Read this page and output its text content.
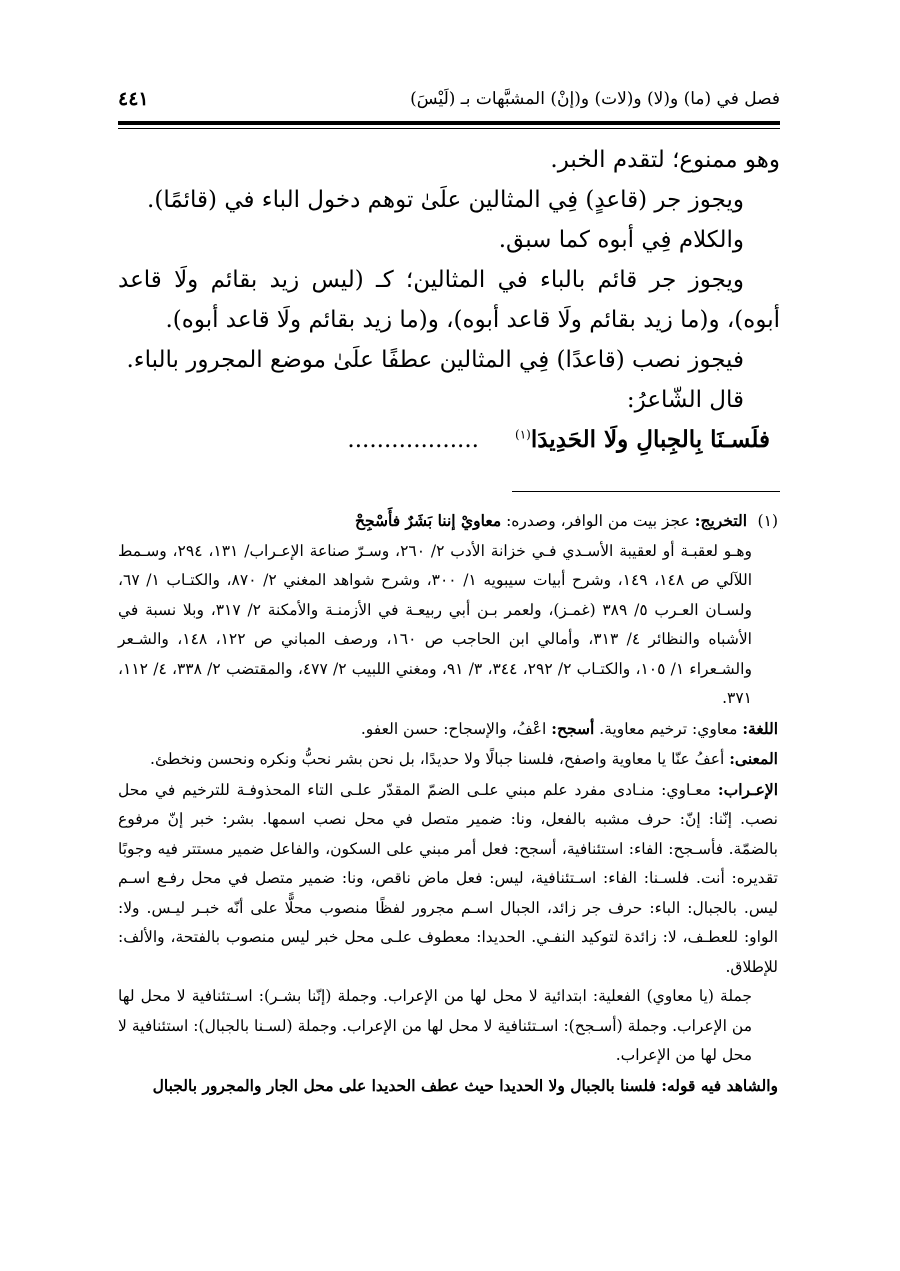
فصل في (ما) و(لا) و(لات) و(إنْ) المشبَّهات بـ (لَيْسَ)
٤٤١

وهو ممنوع؛ لتقدم الخبر.

ويجوز جر (قاعدٍ) فِي المثالين علَىٰ توهم دخول الباء في (قائمًا).

والكلام فِي أبوه كما سبق.

ويجوز جر قائم بالباء في المثالين؛ كـ (ليس زيد بقائم ولَا قاعد أبوه)، و(ما زيد بقائم ولَا قاعد أبوه)، و(ما زيد بقائم ولَا قاعد أبوه).

فيجوز نصب (قاعدًا) فِي المثالين عطفًا علَىٰ موضع المجرور بالباء.

قال الشّاعرُ:

فلَسـنَا بِالجِبالِ ولَا الحَدِيدَا$^{(١)}$..................

(١) التخريج: عجز بيت من الوافر، وصدره: معاويْ إننا بَشَرٌ فأَسْجِحْ

وهـو لعقبـة أو لعقيبة الأسـدي فـي خزانة الأدب ٢/ ٢٦٠، وسـرّ صناعة الإعـراب/ ١٣١، ٢٩٤، وسـمط اللآلي ص ١٤٨، ١٤٩، وشرح أبيات سيبويه ١/ ٣٠٠، وشرح شواهد المغني ٢/ ٨٧٠، والكتـاب ١/ ٦٧، ولسـان العـرب ٥/ ٣٨٩ (غمـز)، ولعمر بـن أبي ربيعـة في الأزمنـة والأمكنة ٢/ ٣١٧، وبلا نسبة في الأشباه والنظائر ٤/ ٣١٣، وأمالي ابن الحاجب ص ١٦٠، ورصف المباني ص ١٢٢، ١٤٨، والشـعر والشـعراء ١/ ١٠٥، والكتـاب ٢/ ٢٩٢، ٣٤٤، ٣/ ٩١، ومغني اللبيب ٢/ ٤٧٧، والمقتضب ٢/ ٣٣٨، ٤/ ١١٢، ٣٧١.

اللغة: معاوي: ترخيم معاوية. أسجح: اعْفُ، والإسجاح: حسن العفو.

المعنى: أعفُ عنّا يا معاوية واصفح، فلسنا جبالًا ولا حديدًا، بل نحن بشر نحبُّ ونكره ونحسن ونخطئ.

الإعـراب: معـاوي: منـادى مفرد علم مبني علـى الضمّ المقدّر علـى التاء المحذوفـة للترخيم في محل نصب. إنّنا: إنّ: حرف مشبه بالفعل، ونا: ضمير متصل في محل نصب اسمها. بشر: خبر إنّ مرفوع بالضمّة. فأسـجح: الفاء: استئنافية، أسجح: فعل أمر مبني على السكون، والفاعل ضمير مستتر فيه وجوبًا تقديره: أنت. فلسـنا: الفاء: اسـتئنافية، ليس: فعل ماض ناقص، ونا: ضمير متصل في محل رفـع اسـم ليس. بالجبال: الباء: حرف جر زائد، الجبال اسـم مجرور لفظًا منصوب محلًّا على أنّه خبـر ليـس. ولا: الواو: للعطـف، لا: زائدة لتوكيد النفـي. الحديدا: معطوف علـى محل خبر ليس منصوب بالفتحة، والألف: للإطلاق.

جملة (يا معاوي) الفعلية: ابتدائية لا محل لها من الإعراب. وجملة (إنّنا بشـر): اسـتئنافية لا محل لها من الإعراب. وجملة (أسـجح): اسـتئنافية لا محل لها من الإعراب. وجملة (لسـنا بالجبال): استئنافية لا محل لها من الإعراب.

والشاهد فيه قوله: فلسنا بالجبال ولا الحديدا حيث عطف الحديدا على محل الجار والمجرور بالجبال
